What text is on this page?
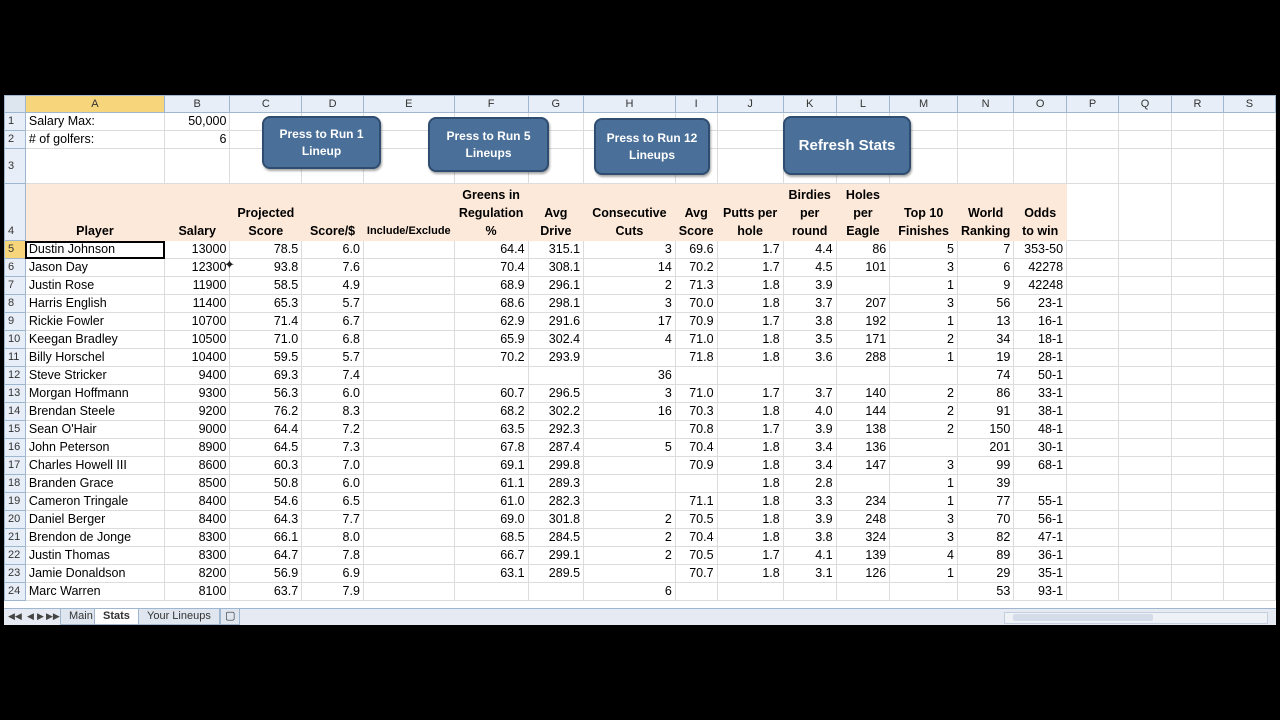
	A	B	C	D	E	F	G	H	I	J	K	L	M	N	O	P	Q	R	S
1	Salary Max:	50,000																	
2	# of golfers:	6																	
3																			
4	Player	Salary	Projected Score	Score/$	Include/Exclude	Greens in Regulation %	Avg Drive	Consecutive Cuts	Avg Score	Putts per hole	Birdies per round	Holes per Eagle	Top 10 Finishes	World Ranking	Odds to win				
5	Dustin Johnson	13000	78.5	6.0		64.4	315.1	3	69.6	1.7	4.4	86	5	7	353-50				
6	Jason Day	12300	93.8	7.6		70.4	308.1	14	70.2	1.7	4.5	101	3	6	42278				
7	Justin Rose	11900	58.5	4.9		68.9	296.1	2	71.3	1.8	3.9		1	9	42248				
8	Harris English	11400	65.3	5.7		68.6	298.1	3	70.0	1.8	3.7	207	3	56	23-1				
9	Rickie Fowler	10700	71.4	6.7		62.9	291.6	17	70.9	1.7	3.8	192	1	13	16-1				
10	Keegan Bradley	10500	71.0	6.8		65.9	302.4	4	71.0	1.8	3.5	171	2	34	18-1				
11	Billy Horschel	10400	59.5	5.7		70.2	293.9		71.8	1.8	3.6	288	1	19	28-1				
12	Steve Stricker	9400	69.3	7.4				36						74	50-1				
13	Morgan Hoffmann	9300	56.3	6.0		60.7	296.5	3	71.0	1.7	3.7	140	2	86	33-1				
14	Brendan Steele	9200	76.2	8.3		68.2	302.2	16	70.3	1.8	4.0	144	2	91	38-1				
15	Sean O'Hair	9000	64.4	7.2		63.5	292.3		70.8	1.7	3.9	138	2	150	48-1				
16	John Peterson	8900	64.5	7.3		67.8	287.4	5	70.4	1.8	3.4	136		201	30-1				
17	Charles Howell III	8600	60.3	7.0		69.1	299.8		70.9	1.8	3.4	147	3	99	68-1				
18	Branden Grace	8500	50.8	6.0		61.1	289.3			1.8	2.8		1	39					
19	Cameron Tringale	8400	54.6	6.5		61.0	282.3		71.1	1.8	3.3	234	1	77	55-1				
20	Daniel Berger	8400	64.3	7.7		69.0	301.8	2	70.5	1.8	3.9	248	3	70	56-1				
21	Brendon de Jonge	8300	66.1	8.0		68.5	284.5	2	70.4	1.8	3.8	324	3	82	47-1				
22	Justin Thomas	8300	64.7	7.8		66.7	299.1	2	70.5	1.7	4.1	139	4	89	36-1				
23	Jamie Donaldson	8200	56.9	6.9		63.1	289.5		70.7	1.8	3.1	126	1	29	35-1				
24	Marc Warren	8100	63.7	7.9				6						53	93-1				
Press to Run 1 Lineup
Press to Run 5 Lineups
Press to Run 12 Lineups
Refresh Stats
✦
◀◀ ◀ ▶ ▶▶ Main Stats	Your Lineups	▢
